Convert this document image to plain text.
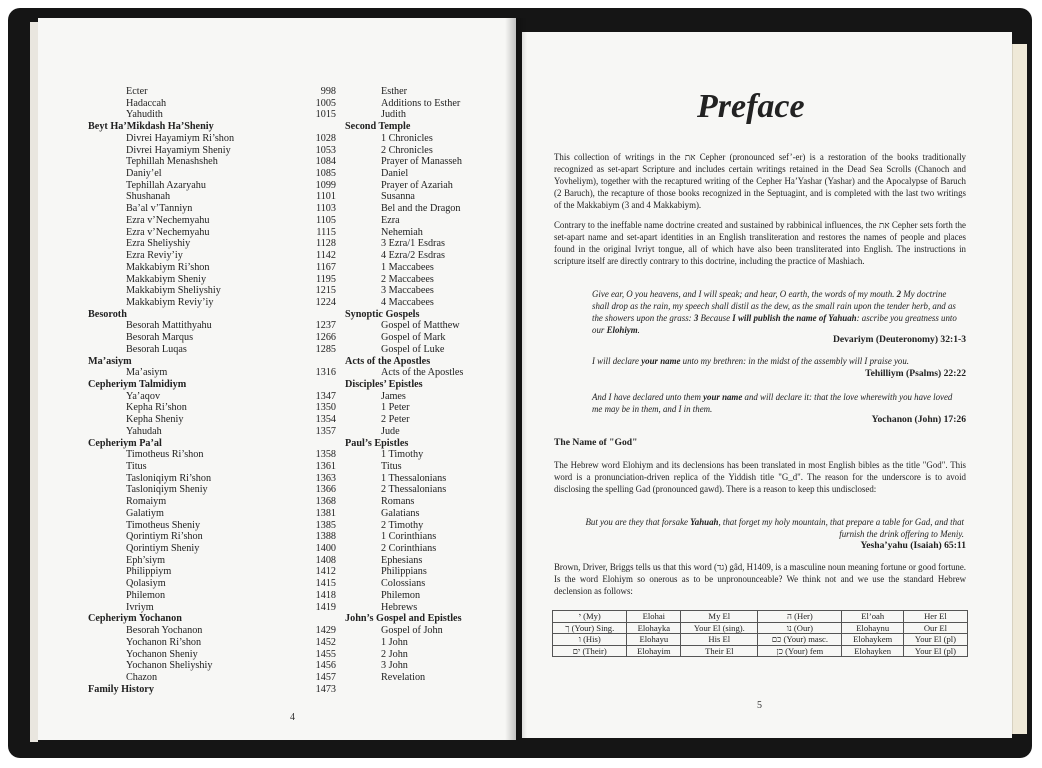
Ecter	998
Hadaccah	1005
Yahudith	1015
Beyt Ha’Mikdash Ha’Sheniy
Divrei Hayamiym Ri’shon	1028
Divrei Hayamiym Sheniy	1053
Tephillah Menashsheh	1084
Daniy’el	1085
Tephillah Azaryahu	1099
Shushanah	1101
Ba’al v’Tanniyn	1103
Ezra v’Nechemyahu	1105
Ezra v’Nechemyahu	1115
Ezra Sheliyshiy	1128
Ezra Reviy’iy	1142
Makkabiym Ri’shon	1167
Makkabiym Sheniy	1195
Makkabiym Sheliyshiy	1215
Makkabiym Reviy’iy	1224
Besoroth
Besorah Mattithyahu	1237
Besorah Marqus	1266
Besorah Luqas	1285
Ma’asiym
Ma’asiym	1316
Cepheriym Talmidiym
Ya’aqov	1347
Kepha Ri’shon	1350
Kepha Sheniy	1354
Yahudah	1357
Cepheriym Pa’al
Timotheus Ri’shon	1358
Titus	1361
Tasloniqiym Ri’shon	1363
Tasloniqiym Sheniy	1366
Romaiym	1368
Galatiym	1381
Timotheus Sheniy	1385
Qorintiym Ri’shon	1388
Qorintiym Sheniy	1400
Eph’siym	1408
Philippiym	1412
Qolasiym	1415
Philemon	1418
Ivriym	1419
Cepheriym Yochanon
Besorah Yochanon	1429
Yochanon Ri’shon	1452
Yochanon Sheniy	1455
Yochanon Sheliyshiy	1456
Chazon	1457
Family History	1473
Esther
Additions to Esther
Judith
Second Temple
1 Chronicles
2 Chronicles
Prayer of Manasseh
Daniel
Prayer of Azariah
Susanna
Bel and the Dragon
Ezra
Nehemiah
3 Ezra/1 Esdras
4 Ezra/2 Esdras
1 Maccabees
2 Maccabees
3 Maccabees
4 Maccabees
Synoptic Gospels
Gospel of Matthew
Gospel of Mark
Gospel of Luke
Acts of the Apostles
Acts of the Apostles
Disciples’ Epistles
James
1 Peter
2 Peter
Jude
Paul’s Epistles
1 Timothy
Titus
1 Thessalonians
2 Thessalonians
Romans
Galatians
2 Timothy
1 Corinthians
2 Corinthians
Ephesians
Philippians
Colossians
Philemon
Hebrews
John’s Gospel and Epistles
Gospel of John
1 John
2 John
3 John
Revelation
4
Preface
This collection of writings in the את Cepher (pronounced sef’-er) is a restoration of the books traditionally recognized as set-apart Scripture and includes certain writings retained in the Dead Sea Scrolls (Chanoch and Yovheliym), together with the recaptured writing of the Cepher Ha’Yashar (Yashar) and the Apocalypse of Baruch (2 Baruch), the recapture of those books recognized in the Septuagint, and is completed with the last two writings of the Makkabiym (3 and 4 Makkabiym).
Contrary to the ineffable name doctrine created and sustained by rabbinical influences, the את Cepher sets forth the set-apart name and set-apart identities in an English transliteration and restores the names of people and places found in the original Ivriyt tongue, all of which have also been transliterated into English. The instructions in scripture itself are directly contrary to this doctrine, including the practice of Mashiach.
Give ear, O you heavens, and I will speak; and hear, O earth, the words of my mouth. 2 My doctrine shall drop as the rain, my speech shall distil as the dew, as the small rain upon the tender herb, and as the showers upon the grass: 3 Because I will publish the name of Yahuah: ascribe you greatness unto our Elohiym.
Devariym (Deuteronomy) 32:1-3
I will declare your name unto my brethren: in the midst of the assembly will I praise you.
Tehilliym (Psalms) 22:22
And I have declared unto them your name and will declare it: that the love wherewith you have loved me may be in them, and I in them.
Yochanon (John) 17:26
The Name of "God"
The Hebrew word Elohiym and its declensions has been translated in most English bibles as the title "God". This word is a pronunciation-driven replica of the Yiddish title "G_d". The reason for the underscore is to avoid disclosing the spelling Gad (pronounced gawd). There is a reason to keep this undisclosed:
But you are they that forsake Yahuah, that forget my holy mountain, that prepare a table for Gad, and that furnish the drink offering to Meniy.
Yesha’yahu (Isaiah) 65:11
Brown, Driver, Briggs tells us that this word (גד) gâd, H1409, is a masculine noun meaning fortune or good fortune. Is the word Elohiym so onerous as to be unpronounceable? We think not and we use the standard Hebrew declension as follows:
י (My)	Elohai	My El	ה (Her)	El’oah	Her El
ך (Your) Sing.	Elohayka	Your El (sing).	נו (Our)	Elohaynu	Our El
ו (His)	Elohayu	His El	כם (Your) masc.	Elohaykem	Your El (pl)
ים (Their)	Elohayim	Their El	כן (Your) fem	Elohayken	Your El (pl)
5
